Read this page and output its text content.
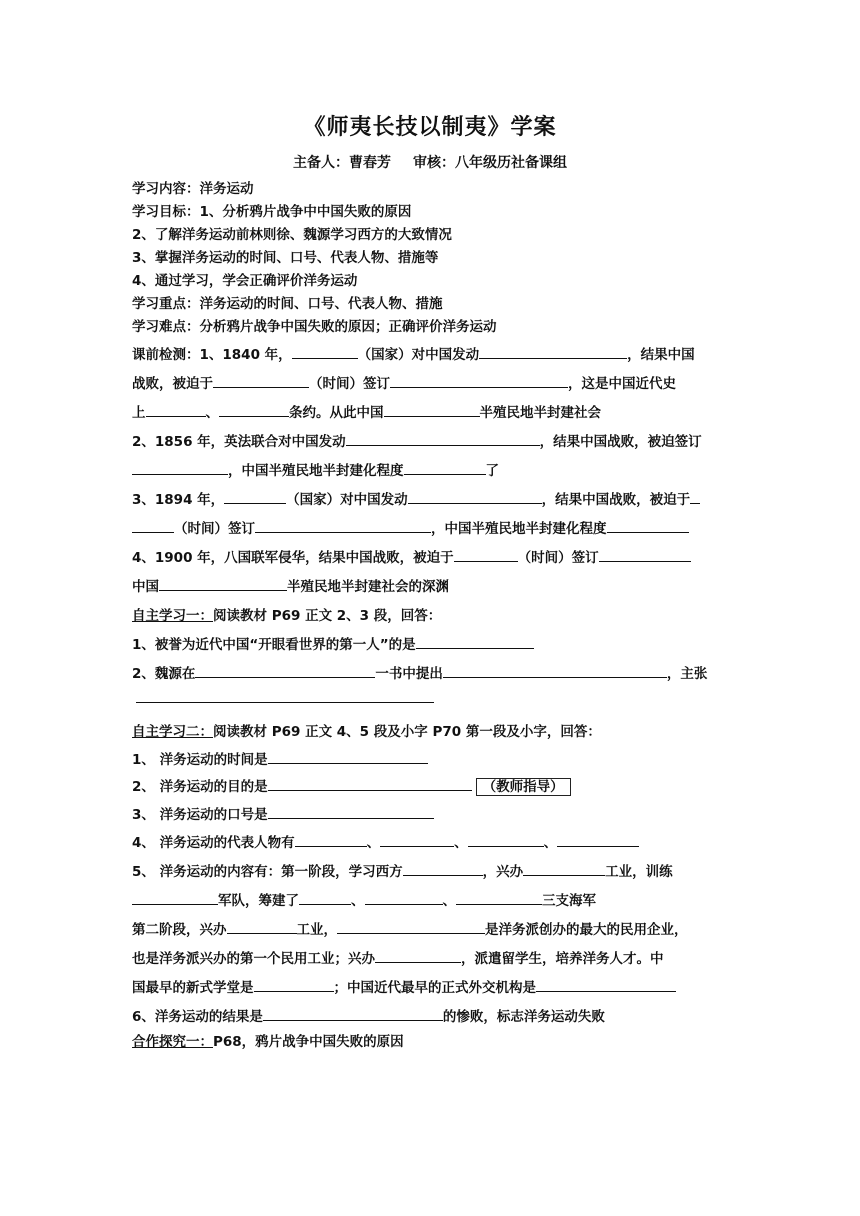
《师夷长技以制夷》学案
主备人：曹春芳 审核：八年级历社备课组
学习内容：洋务运动
学习目标：1、分析鸦片战争中中国失败的原因
2、了解洋务运动前林则徐、魏源学习西方的大致情况
3、掌握洋务运动的时间、口号、代表人物、措施等
4、通过学习，学会正确评价洋务运动
学习重点：洋务运动的时间、口号、代表人物、措施
学习难点：分析鸦片战争中国失败的原因；正确评价洋务运动
课前检测：1、1840 年，	（国家）对中国发动	，结果中国
战败，被迫于	（时间）签订	，这是中国近代史
上	、	条约。从此中国	半殖民地半封建社会
2、1856 年，英法联合对中国发动	，结果中国战败，被迫签订
，中国半殖民地半封建化程度	了
3、1894 年，	（国家）对中国发动	，结果中国战败，被迫于
（时间）签订	，中国半殖民地半封建化程度
4、1900 年，八国联军侵华，结果中国战败，被迫于	（时间）签订
中国	半殖民地半封建社会的深渊
自主学习一：阅读教材 P69 正文 2、3 段，回答：
1、被誉为近代中国“开眼看世界的第一人”的是
2、魏源在	一书中提出	，主张
自主学习二：阅读教材 P69 正文 4、5 段及小字 P70 第一段及小字，回答：
1、 洋务运动的时间是
2、 洋务运动的目的是	（教师指导）
3、 洋务运动的口号是
4、 洋务运动的代表人物有	、	、	、
5、 洋务运动的内容有：第一阶段，学习西方	，兴办	工业，训练
军队，筹建了	、	、	三支海军
第二阶段，兴办	工业，	是洋务派创办的最大的民用企业，
也是洋务派兴办的第一个民用工业；兴办	，派遣留学生，培养洋务人才。中
国最早的新式学堂是	；中国近代最早的正式外交机构是
6、洋务运动的结果是	的惨败，标志洋务运动失败
合作探究一：P68，鸦片战争中国失败的原因
